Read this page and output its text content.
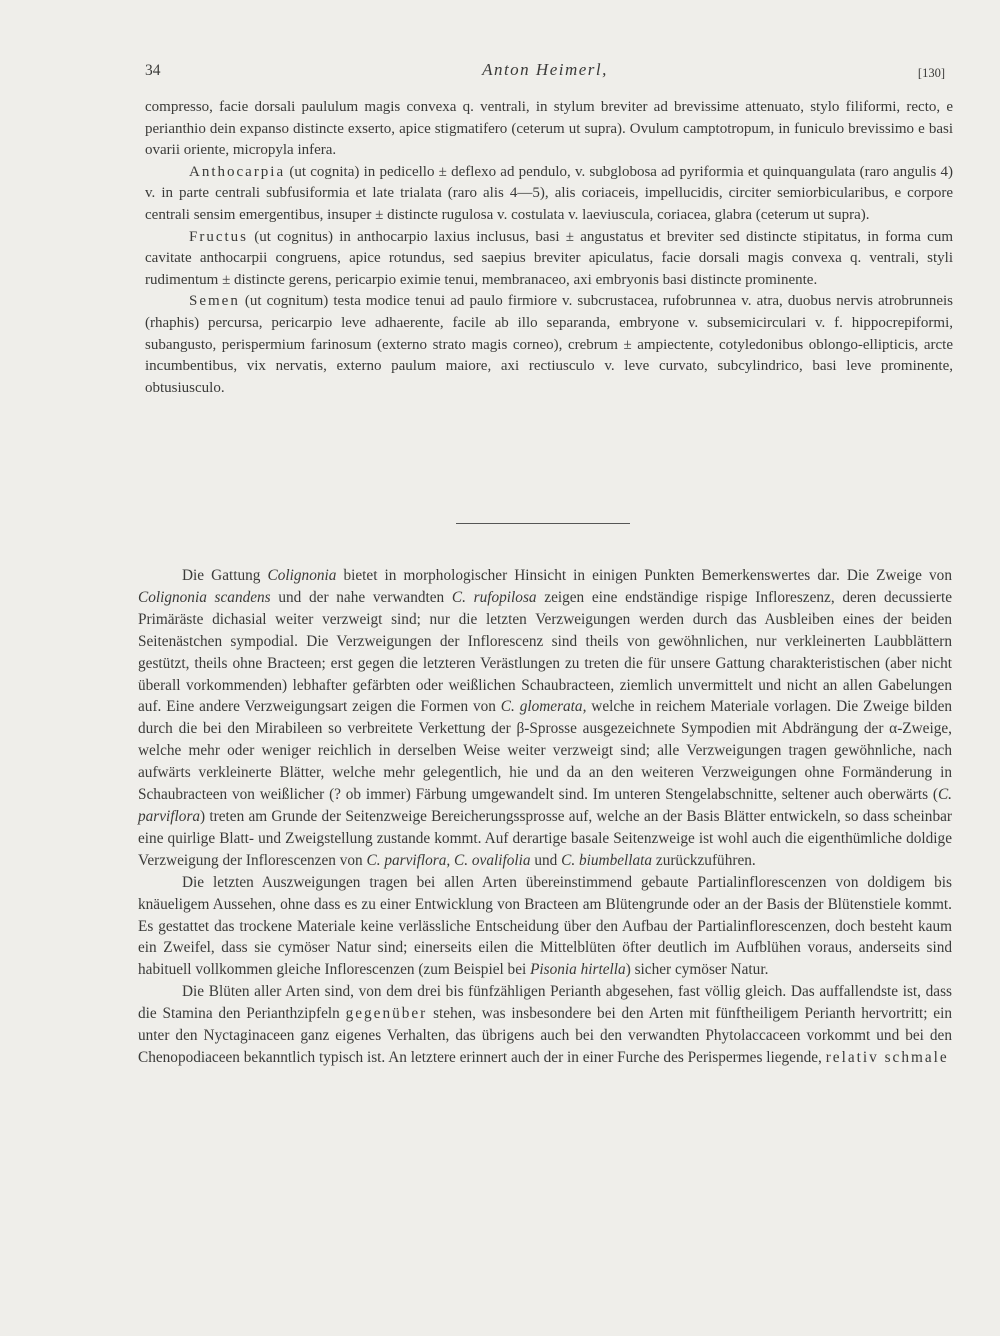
34	Anton Heimerl,	[130]

compresso, facie dorsali paululum magis convexa q. ventrali, in stylum breviter ad brevissime attenuato, stylo filiformi, recto, e perianthio dein expanso distincte exserto, apice stigmatifero (ceterum ut supra). Ovulum camptotropum, in funiculo brevissimo e basi ovarii oriente, micropyla infera.

Anthocarpia (ut cognita) in pedicello ± deflexo ad pendulo, v. subglobosa ad pyriformia et quinquangulata (raro angulis 4) v. in parte centrali subfusiformia et late trialata (raro alis 4—5), alis coriaceis, impellucidis, circiter semiorbicularibus, e corpore centrali sensim emergentibus, insuper ± distincte rugulosa v. costulata v. laeviuscula, coriacea, glabra (ceterum ut supra).

Fructus (ut cognitus) in anthocarpio laxius inclusus, basi ± angustatus et breviter sed distincte stipitatus, in forma cum cavitate anthocarpii congruens, apice rotundus, sed saepius breviter apiculatus, facie dorsali magis convexa q. ventrali, styli rudimentum ± distincte gerens, pericarpio eximie tenui, membranaceo, axi embryonis basi distincte prominente.

Semen (ut cognitum) testa modice tenui ad paulo firmiore v. subcrustacea, rufobrunnea v. atra, duobus nervis atrobrunneis (rhaphis) percursa, pericarpio leve adhaerente, facile ab illo separanda, embryone v. subsemicirculari v. f. hippocrepiformi, subangusto, perispermium farinosum (externo strato magis corneo), crebrum ± ampiectente, cotyledonibus oblongo-ellipticis, arcte incumbentibus, vix nervatis, externo paulum maiore, axi rectiusculo v. leve curvato, subcylindrico, basi leve prominente, obtusiusculo.

Die Gattung Colignonia bietet in morphologischer Hinsicht in einigen Punkten Bemerkenswertes dar. Die Zweige von Colignonia scandens und der nahe verwandten C. rufopilosa zeigen eine endständige rispige Infloreszenz, deren decussierte Primäräste dichasial weiter verzweigt sind; nur die letzten Verzweigungen werden durch das Ausbleiben eines der beiden Seitenästchen sympodial. Die Verzweigungen der Inflorescenz sind theils von gewöhnlichen, nur verkleinerten Laubblättern gestützt, theils ohne Bracteen; erst gegen die letzteren Verästlungen zu treten die für unsere Gattung charakteristischen (aber nicht überall vorkommenden) lebhafter gefärbten oder weißlichen Schaubracteen, ziemlich unvermittelt und nicht an allen Gabelungen auf. Eine andere Verzweigungsart zeigen die Formen von C. glomerata, welche in reichem Materiale vorlagen. Die Zweige bilden durch die bei den Mirabileen so verbreitete Verkettung der β-Sprosse ausgezeichnete Sympodien mit Abdrängung der α-Zweige, welche mehr oder weniger reichlich in derselben Weise weiter verzweigt sind; alle Verzweigungen tragen gewöhnliche, nach aufwärts verkleinerte Blätter, welche mehr gelegentlich, hie und da an den weiteren Verzweigungen ohne Formänderung in Schaubracteen von weißlicher (? ob immer) Färbung umgewandelt sind. Im unteren Stengelabschnitte, seltener auch oberwärts (C. parviflora) treten am Grunde der Seitenzweige Bereicherungssprosse auf, welche an der Basis Blätter entwickeln, so dass scheinbar eine quirlige Blatt- und Zweigstellung zustande kommt. Auf derartige basale Seitenzweige ist wohl auch die eigenthümliche doldige Verzweigung der Inflorescenzen von C. parviflora, C. ovalifolia und C. biumbellata zurückzuführen.

Die letzten Auszweigungen tragen bei allen Arten übereinstimmend gebaute Partialinflorescenzen von doldigem bis knäueligem Aussehen, ohne dass es zu einer Entwicklung von Bracteen am Blütengrunde oder an der Basis der Blütenstiele kommt. Es gestattet das trockene Materiale keine verlässliche Entscheidung über den Aufbau der Partialinflorescenzen, doch besteht kaum ein Zweifel, dass sie cymöser Natur sind; einerseits eilen die Mittelblüten öfter deutlich im Aufblühen voraus, anderseits sind habituell vollkommen gleiche Inflorescenzen (zum Beispiel bei Pisonia hirtella) sicher cymöser Natur.

Die Blüten aller Arten sind, von dem drei bis fünfzähligen Perianth abgesehen, fast völlig gleich. Das auffallendste ist, dass die Stamina den Perianthzipfeln gegenüber stehen, was insbesondere bei den Arten mit fünftheiligem Perianth hervortritt; ein unter den Nyctaginaceen ganz eigenes Verhalten, das übrigens auch bei den verwandten Phytolaccaceen vorkommt und bei den Chenopodiaceen bekanntlich typisch ist. An letztere erinnert auch der in einer Furche des Perispermes liegende, relativ schmale
